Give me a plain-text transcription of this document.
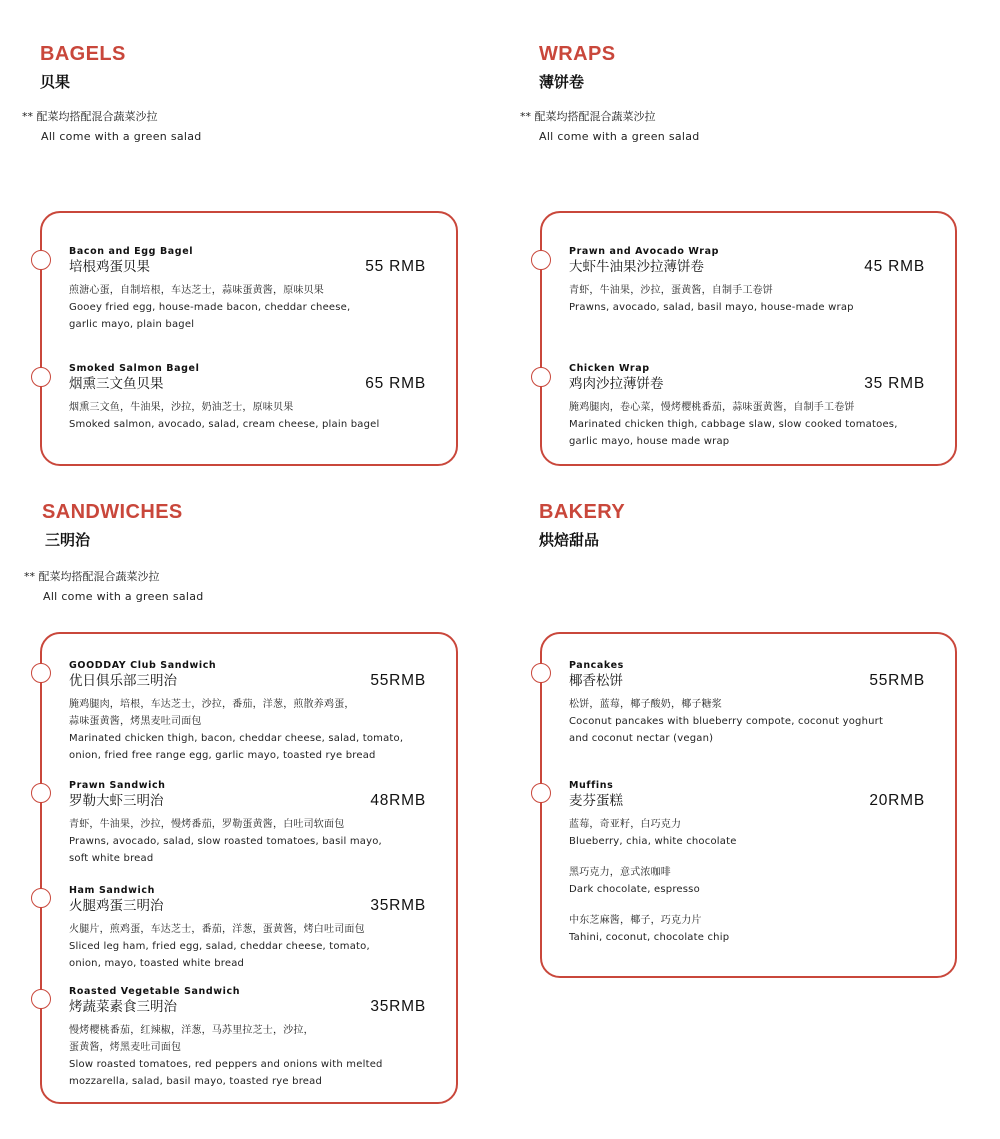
BAGELS
贝果
** 配菜均搭配混合蔬菜沙拉
All come with a green salad
Bacon and Egg Bagel
培根鸡蛋贝果	55 RMB
煎溏心蛋，自制培根，车达芝士，蒜味蛋黄酱，原味贝果
Gooey fried egg, house-made bacon, cheddar cheese,
garlic mayo, plain bagel
Smoked Salmon Bagel
烟熏三文鱼贝果	65 RMB
烟熏三文鱼，牛油果，沙拉，奶油芝士，原味贝果
Smoked salmon, avocado, salad, cream cheese, plain bagel
WRAPS
薄饼卷
** 配菜均搭配混合蔬菜沙拉
All come with a green salad
Prawn and Avocado Wrap
大虾牛油果沙拉薄饼卷	45 RMB
青虾，牛油果，沙拉，蛋黄酱，自制手工卷饼
Prawns, avocado, salad, basil mayo, house-made wrap
Chicken Wrap
鸡肉沙拉薄饼卷	35 RMB
腌鸡腿肉，卷心菜，慢烤樱桃番茄，蒜味蛋黄酱，自制手工卷饼
Marinated chicken thigh, cabbage slaw, slow cooked tomatoes,
garlic mayo, house made wrap
SANDWICHES
三明治
** 配菜均搭配混合蔬菜沙拉
All come with a green salad
GOODDAY Club Sandwich
优日俱乐部三明治	55RMB
腌鸡腿肉，培根，车达芝士，沙拉，番茄，洋葱，煎散养鸡蛋，
蒜味蛋黄酱，烤黑麦吐司面包
Marinated chicken thigh, bacon, cheddar cheese, salad, tomato,
onion, fried free range egg, garlic mayo, toasted rye bread
Prawn Sandwich
罗勒大虾三明治	48RMB
青虾，牛油果，沙拉，慢烤番茄，罗勒蛋黄酱，白吐司软面包
Prawns, avocado, salad, slow roasted tomatoes, basil mayo,
soft white bread
Ham Sandwich
火腿鸡蛋三明治	35RMB
火腿片，煎鸡蛋，车达芝士，番茄，洋葱，蛋黄酱，烤白吐司面包
Sliced leg ham, fried egg, salad, cheddar cheese, tomato,
onion, mayo, toasted white bread
Roasted Vegetable Sandwich
烤蔬菜素食三明治	35RMB
慢烤樱桃番茄，红辣椒，洋葱，马苏里拉芝士，沙拉，
蛋黄酱，烤黑麦吐司面包
Slow roasted tomatoes, red peppers and onions with melted
mozzarella, salad, basil mayo, toasted rye bread
BAKERY
烘焙甜品
Pancakes
椰香松饼	55RMB
松饼，蓝莓，椰子酸奶，椰子糖浆
Coconut pancakes with blueberry compote, coconut yoghurt
and coconut nectar (vegan)
Muffins
麦芬蛋糕	20RMB
蓝莓，奇亚籽，白巧克力
Blueberry, chia, white chocolate
黑巧克力，意式浓咖啡
Dark chocolate, espresso
中东芝麻酱，椰子，巧克力片
Tahini, coconut, chocolate chip
